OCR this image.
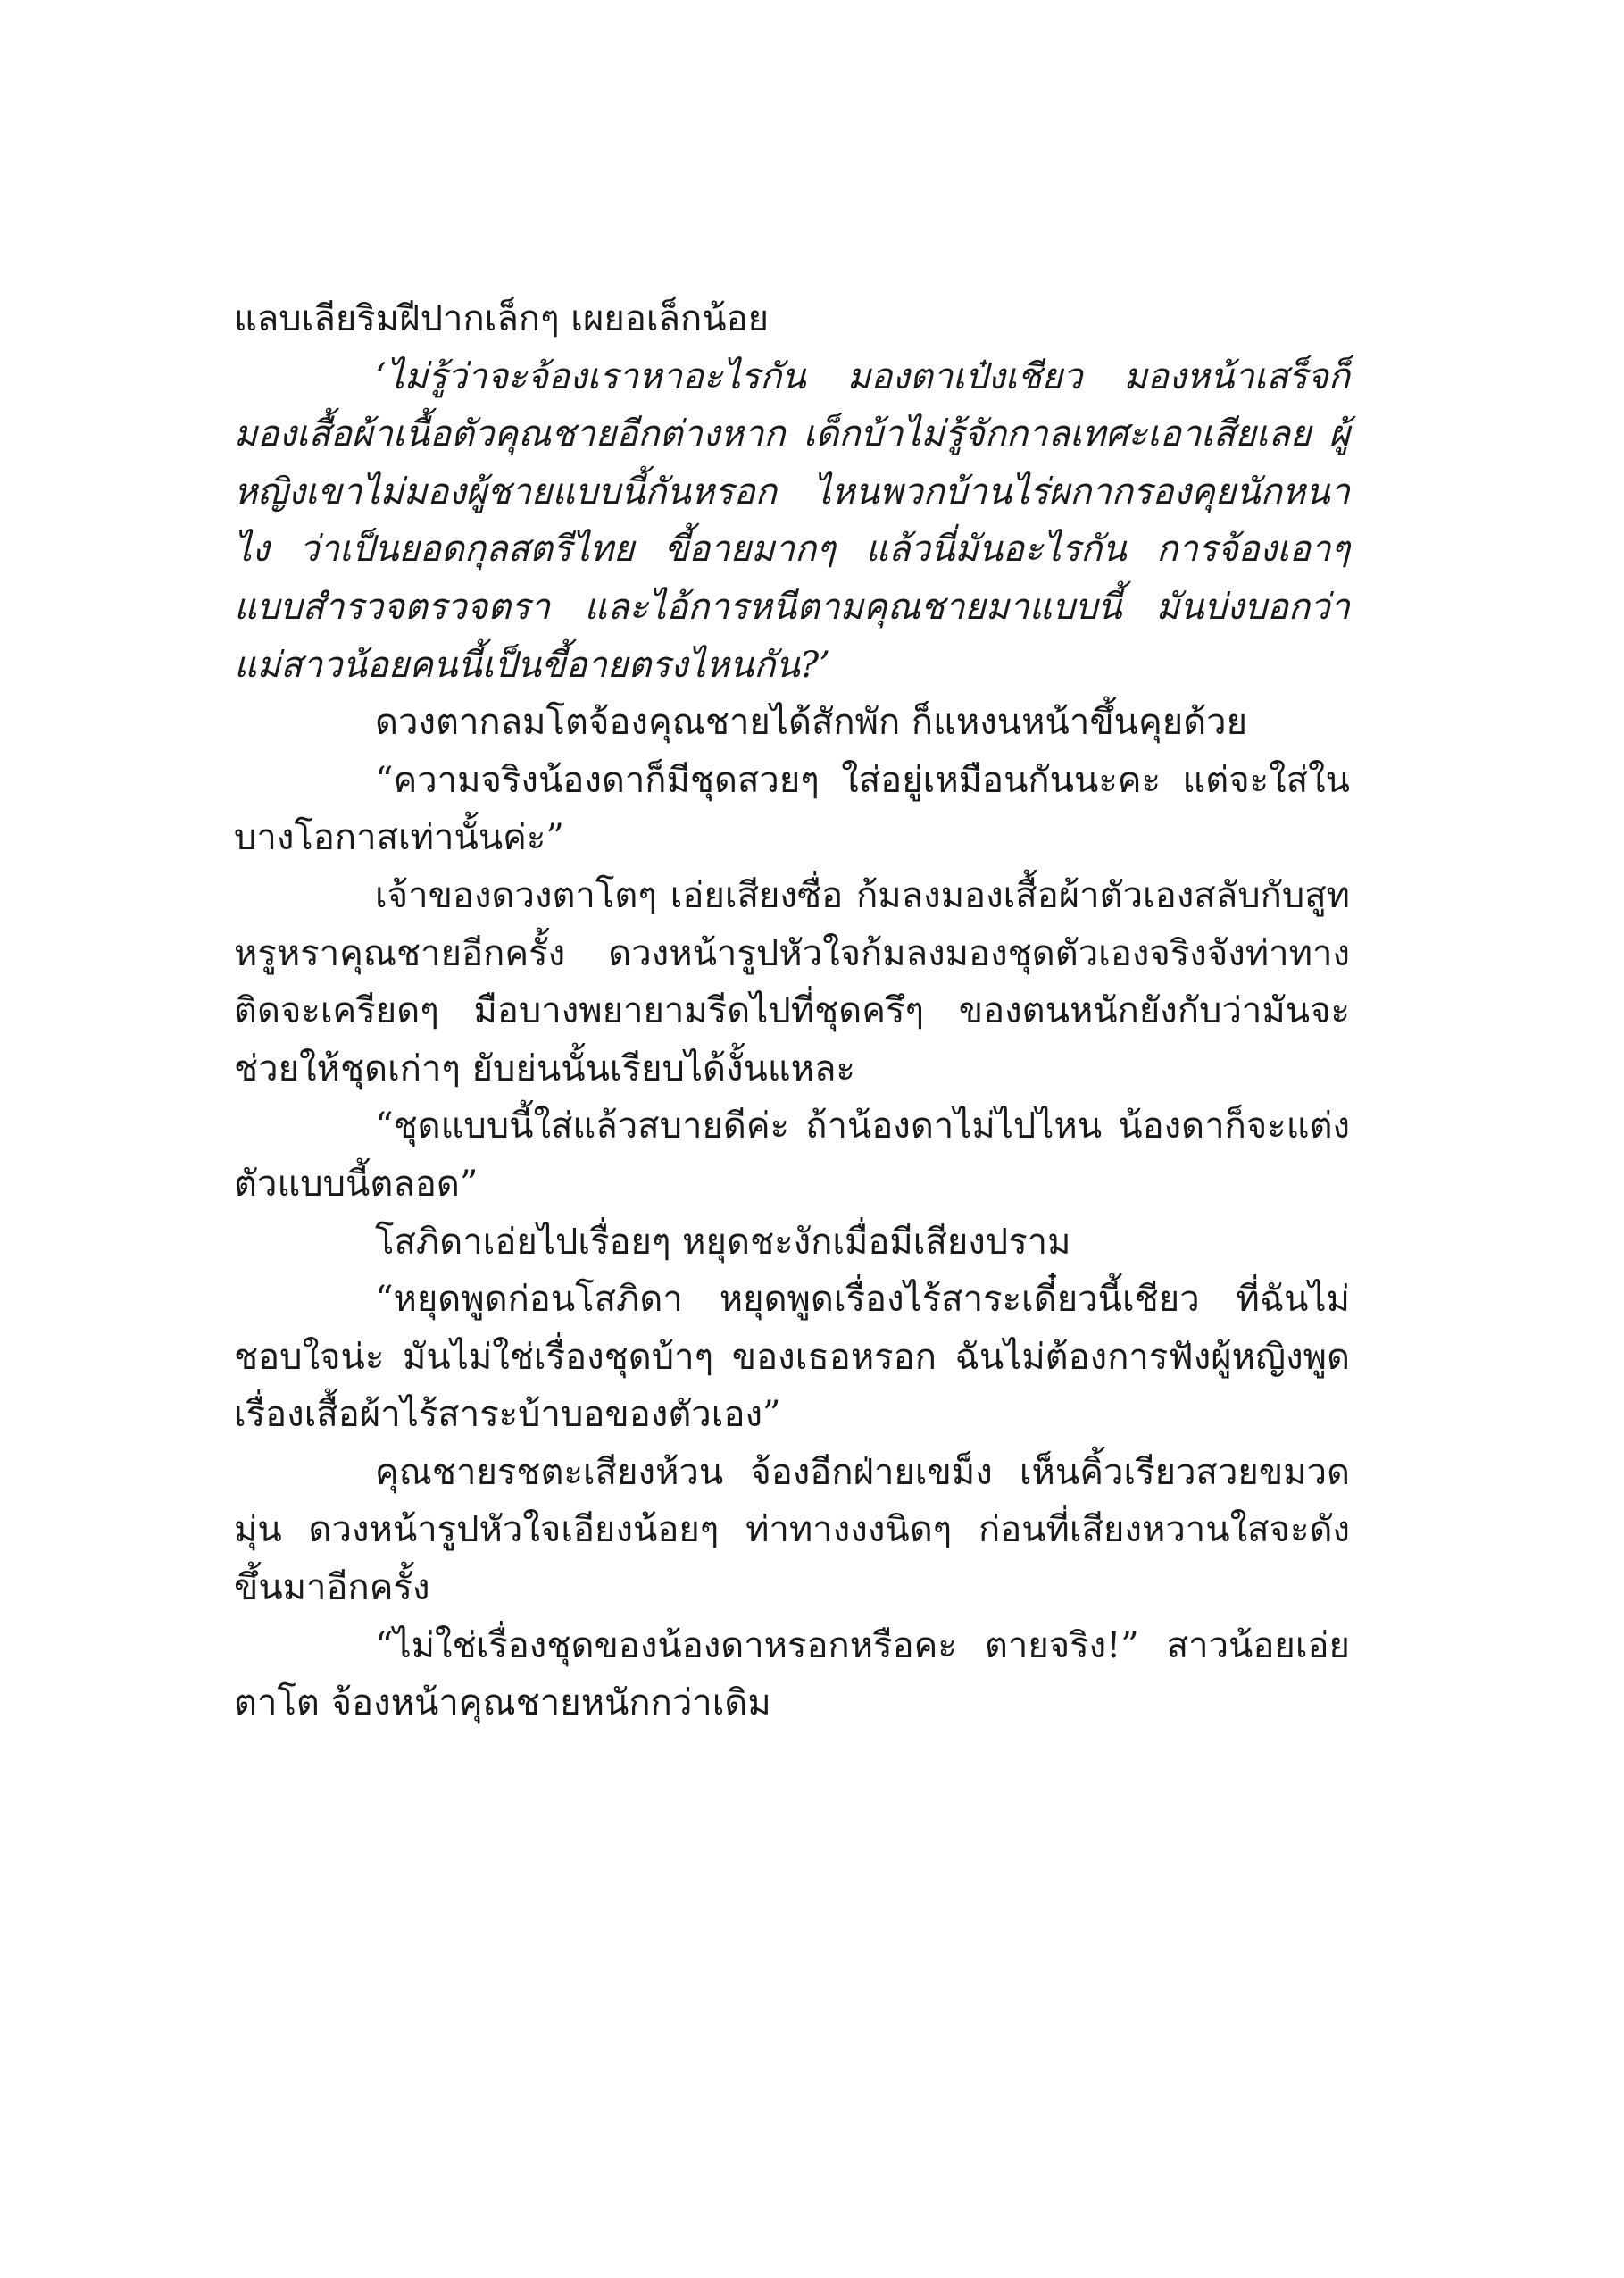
แลบเลียริมฝีปากเล็กๆ เผยอเล็กน้อย

‘ไม่รู้ว่าจะจ้องเราหาอะไรกัน มองตาเป๋งเชียว มองหน้าเสร็จก็มองเสื้อผ้าเนื้อตัวคุณชายอีกต่างหาก เด็กบ้าไม่รู้จักกาลเทศะเอาเสียเลย ผู้หญิงเขาไม่มองผู้ชายแบบนี้กันหรอก ไหนพวกบ้านไร่ผกากรองคุยนักหนาไง ว่าเป็นยอดกุลสตรีไทย ขี้อายมากๆ แล้วนี่มันอะไรกัน การจ้องเอาๆ แบบสำรวจตรวจตรา และไอ้การหนีตามคุณชายมาแบบนี้ มันบ่งบอกว่าแม่สาวน้อยคนนี้เป็นขี้อายตรงไหนกัน?’

ดวงตากลมโตจ้องคุณชายได้สักพัก ก็แหงนหน้าขึ้นคุยด้วย

“ความจริงน้องดาก็มีชุดสวยๆ ใส่อยู่เหมือนกันนะคะ แต่จะใส่ในบางโอกาสเท่านั้นค่ะ”

เจ้าของดวงตาโตๆ เอ่ยเสียงซื่อ ก้มลงมองเสื้อผ้าตัวเองสลับกับสูทหรูหราคุณชายอีกครั้ง ดวงหน้ารูปหัวใจก้มลงมองชุดตัวเองจริงจังท่าทางติดจะเครียดๆ มือบางพยายามรีดไปที่ชุดครึๆ ของตนหนักยังกับว่ามันจะช่วยให้ชุดเก่าๆ ยับย่นนั้นเรียบได้งั้นแหละ

“ชุดแบบนี้ใส่แล้วสบายดีค่ะ ถ้าน้องดาไม่ไปไหน น้องดาก็จะแต่งตัวแบบนี้ตลอด”

โสภิดาเอ่ยไปเรื่อยๆ หยุดชะงักเมื่อมีเสียงปราม

“หยุดพูดก่อนโสภิดา หยุดพูดเรื่องไร้สาระเดี๋ยวนี้เชียว ที่ฉันไม่ชอบใจน่ะ มันไม่ใช่เรื่องชุดบ้าๆ ของเธอหรอก ฉันไม่ต้องการฟังผู้หญิงพูดเรื่องเสื้อผ้าไร้สาระบ้าบอของตัวเอง”

คุณชายรชตะเสียงห้วน จ้องอีกฝ่ายเขม็ง เห็นคิ้วเรียวสวยขมวดมุ่น ดวงหน้ารูปหัวใจเอียงน้อยๆ ท่าทางงงนิดๆ ก่อนที่เสียงหวานใสจะดังขึ้นมาอีกครั้ง

“ไม่ใช่เรื่องชุดของน้องดาหรอกหรือคะ ตายจริง!” สาวน้อยเอ่ยตาโต จ้องหน้าคุณชายหนักกว่าเดิม
